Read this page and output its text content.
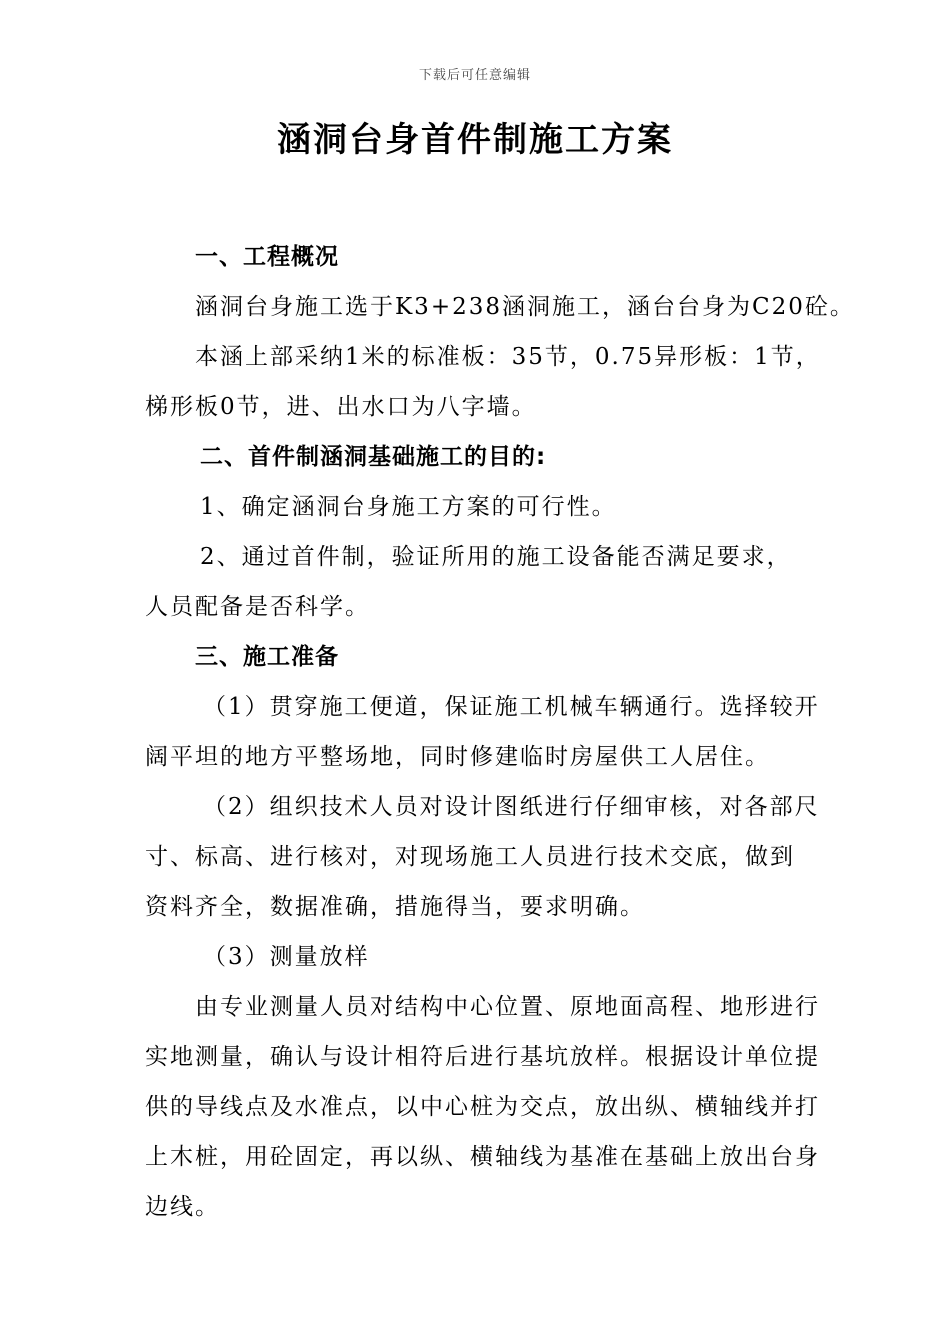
下载后可任意编辑
涵洞台身首件制施工方案

一、工程概况

涵洞台身施工选于K3+238涵洞施工，涵台台身为C20砼。

本涵上部采纳1米的标准板：35节，0.75异形板：1节，

梯形板0节，进、出水口为八字墙。

二、首件制涵洞基础施工的目的:

1、确定涵洞台身施工方案的可行性。

2、通过首件制，验证所用的施工设备能否满足要求，

人员配备是否科学。

三、施工准备

（1）贯穿施工便道，保证施工机械车辆通行。选择较开

阔平坦的地方平整场地，同时修建临时房屋供工人居住。

（2）组织技术人员对设计图纸进行仔细审核，对各部尺

寸、标高、进行核对，对现场施工人员进行技术交底，做到

资料齐全，数据准确，措施得当，要求明确。

（3）测量放样

由专业测量人员对结构中心位置、原地面高程、地形进行

实地测量，确认与设计相符后进行基坑放样。根据设计单位提

供的导线点及水准点，以中心桩为交点，放出纵、横轴线并打

上木桩，用砼固定，再以纵、横轴线为基准在基础上放出台身

边线。
